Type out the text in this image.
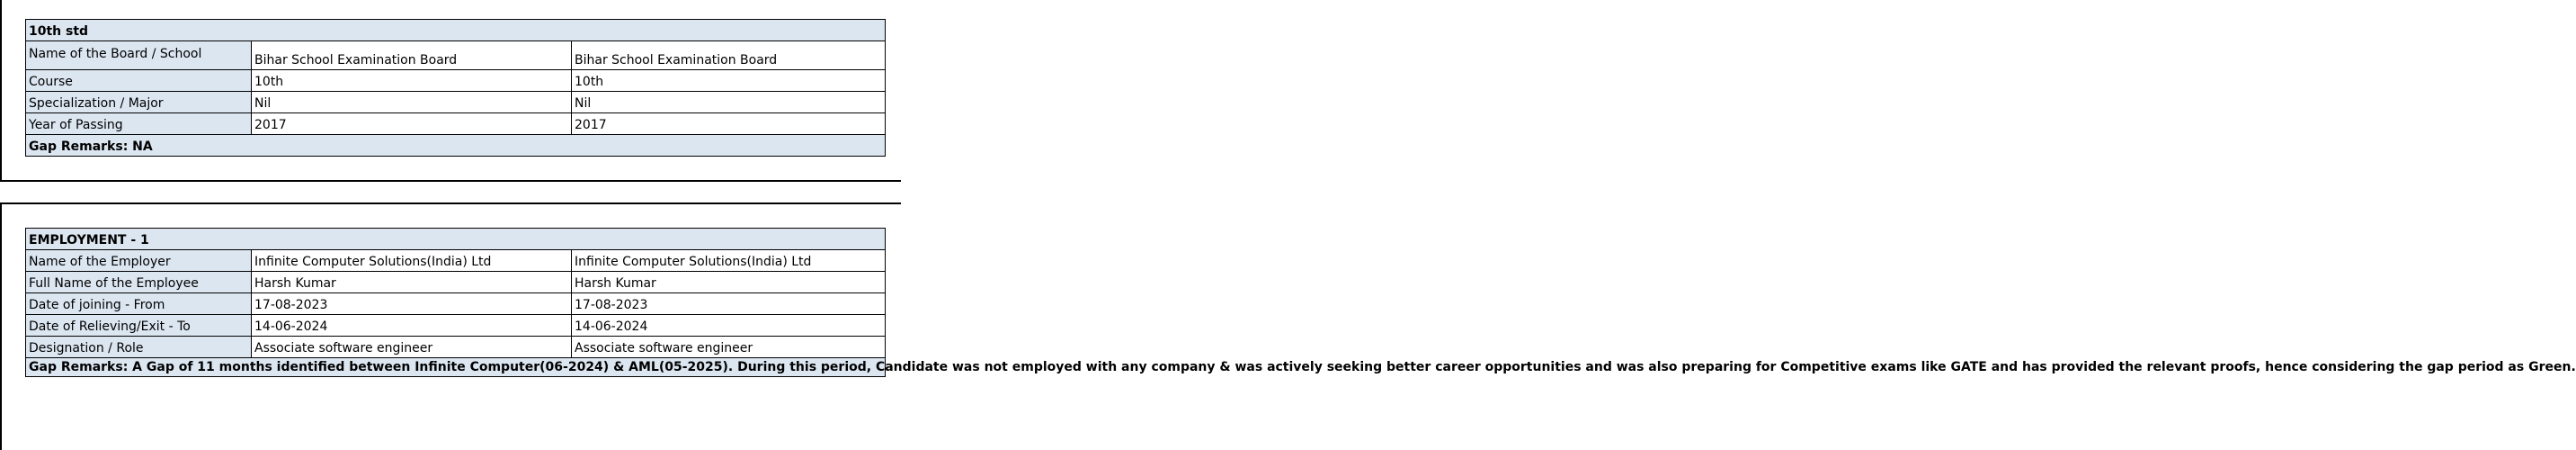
10th std		
Name of the Board / School	Bihar School Examination Board	Bihar School Examination Board
Course	10th	10th
Specialization / Major	Nil	Nil
Year of Passing	2017	2017
Gap Remarks: NA		
EMPLOYMENT - 1		
Name of the Employer	Infinite Computer Solutions(India) Ltd	Infinite Computer Solutions(India) Ltd
Full Name of the Employee	Harsh Kumar	Harsh Kumar
Date of joining - From	17-08-2023	17-08-2023
Date of Relieving/Exit - To	14-06-2024	14-06-2024
Designation / Role	Associate software engineer	Associate software engineer
Gap Remarks: A Gap of 11 months identified between Infinite Computer(06-2024) & AML(05-2025). During this period, Candidate was not employed with any company & was actively seeking better career opportunities and was also preparing for Competitive exams like GATE and has provided the relevant proofs, hence considering the gap period as Green.		
